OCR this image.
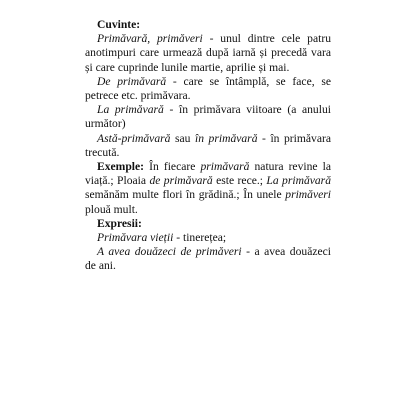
Cuvinte:

Primăvară, primăveri - unul dintre cele patru anotimpuri care urmează după iarnă și precedă vara și care cuprinde lunile martie, aprilie și mai.

De primăvară - care se întâmplă, se face, se petrece etc. primăvara.

La primăvară - în primăvara viitoare (a anului următor)

Astă-primăvară sau în primăvară - în primăvara trecută.

Exemple: În fiecare primăvară natura revine la viață.; Ploaia de primăvară este rece.; La primăvară semănăm multe flori în grădină.; În unele primăveri plouă mult.

Expresii:

Primăvara vieții - tinerețea;

A avea douăzeci de primăveri - a avea douăzeci de ani.
